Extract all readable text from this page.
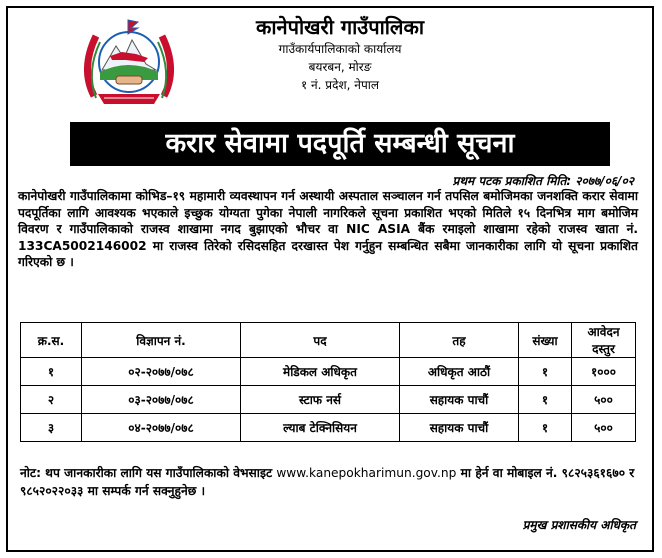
कानेपोखरी गाउँपालिका
गाउँकार्यपालिकाको कार्यालय
बयरबन, मोरङ
१ नं. प्रदेश, नेपाल
करार सेवामा पदपूर्ति सम्बन्धी सूचना
प्रथम पटक प्रकाशित मिति: २०७७/०६/०२
कानेपोखरी गाउँपालिकामा कोभिड–१९ महामारी व्यवस्थापन गर्न अस्थायी अस्पताल सञ्चालन गर्न तपसिल बमोजिमका जनशक्ति करार सेवामा पदपूर्तिका लागि आवश्यक भएकाले इच्छुक योग्यता पुगेका नेपाली नागरिकले सूचना प्रकाशित भएको मितिले १५ दिनभित्र माग बमोजिम विवरण र गाउँपालिकाको राजस्व शाखामा नगद बुझाएको भौचर वा NIC ASIA बैंक रमाइलो शाखामा रहेको राजस्व खाता नं. 133CA5002146002 मा राजस्व तिरेको रसिदसहित दरखास्त पेश गर्नुहुन सम्बन्धित सबैमा जानकारीका लागि यो सूचना प्रकाशित गरिएको छ ।
क्र.स.	विज्ञापन नं.	पद	तह	संख्या	आवेदन दस्तुर
१	०२-२०७७/०७८	मेडिकल अधिकृत	अधिकृत आठौं	१	१०००
२	०३-२०७७/०७८	स्टाफ नर्स	सहायक पाचौं	१	५००
३	०४-२०७७/०७८	ल्याब टेक्निसियन	सहायक पाचौं	१	५००
नोट: थप जानकारीका लागि यस गाउँपालिकाको वेभसाइट www.kanepokharimun.gov.np मा हेर्न वा मोबाइल नं. ९८२५३६१६७० र ९८५२०२२०३३ मा सम्पर्क गर्न सक्नुहुनेछ ।
प्रमुख प्रशासकीय अधिकृत
